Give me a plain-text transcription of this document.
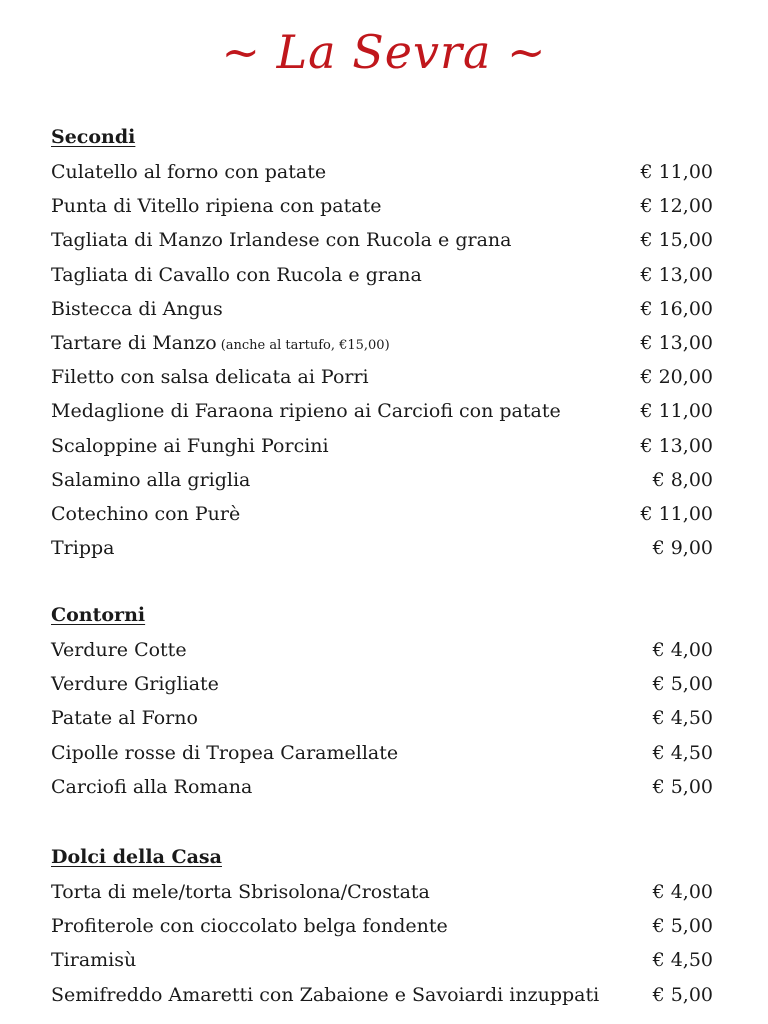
~ La Sevra ~
Secondi
Culatello al forno con patate	€ 11,00
Punta di Vitello ripiena con patate	€ 12,00
Tagliata di Manzo Irlandese con Rucola e grana	€ 15,00
Tagliata di Cavallo con Rucola e grana	€ 13,00
Bistecca di Angus	€ 16,00
Tartare di Manzo (anche al tartufo, €15,00)	€ 13,00
Filetto con salsa delicata ai Porri	€ 20,00
Medaglione di Faraona ripieno ai Carciofi con patate	€ 11,00
Scaloppine ai Funghi Porcini	€ 13,00
Salamino alla griglia	€ 8,00
Cotechino con Purè	€ 11,00
Trippa	€ 9,00
Contorni
Verdure Cotte	€ 4,00
Verdure Grigliate	€ 5,00
Patate al Forno	€ 4,50
Cipolle rosse di Tropea Caramellate	€ 4,50
Carciofi alla Romana	€ 5,00
Dolci della Casa
Torta di mele/torta Sbrisolona/Crostata	€ 4,00
Profiterole con cioccolato belga fondente	€ 5,00
Tiramisù	€ 4,50
Semifreddo Amaretti con Zabaione e Savoiardi inzuppati	€ 5,00
